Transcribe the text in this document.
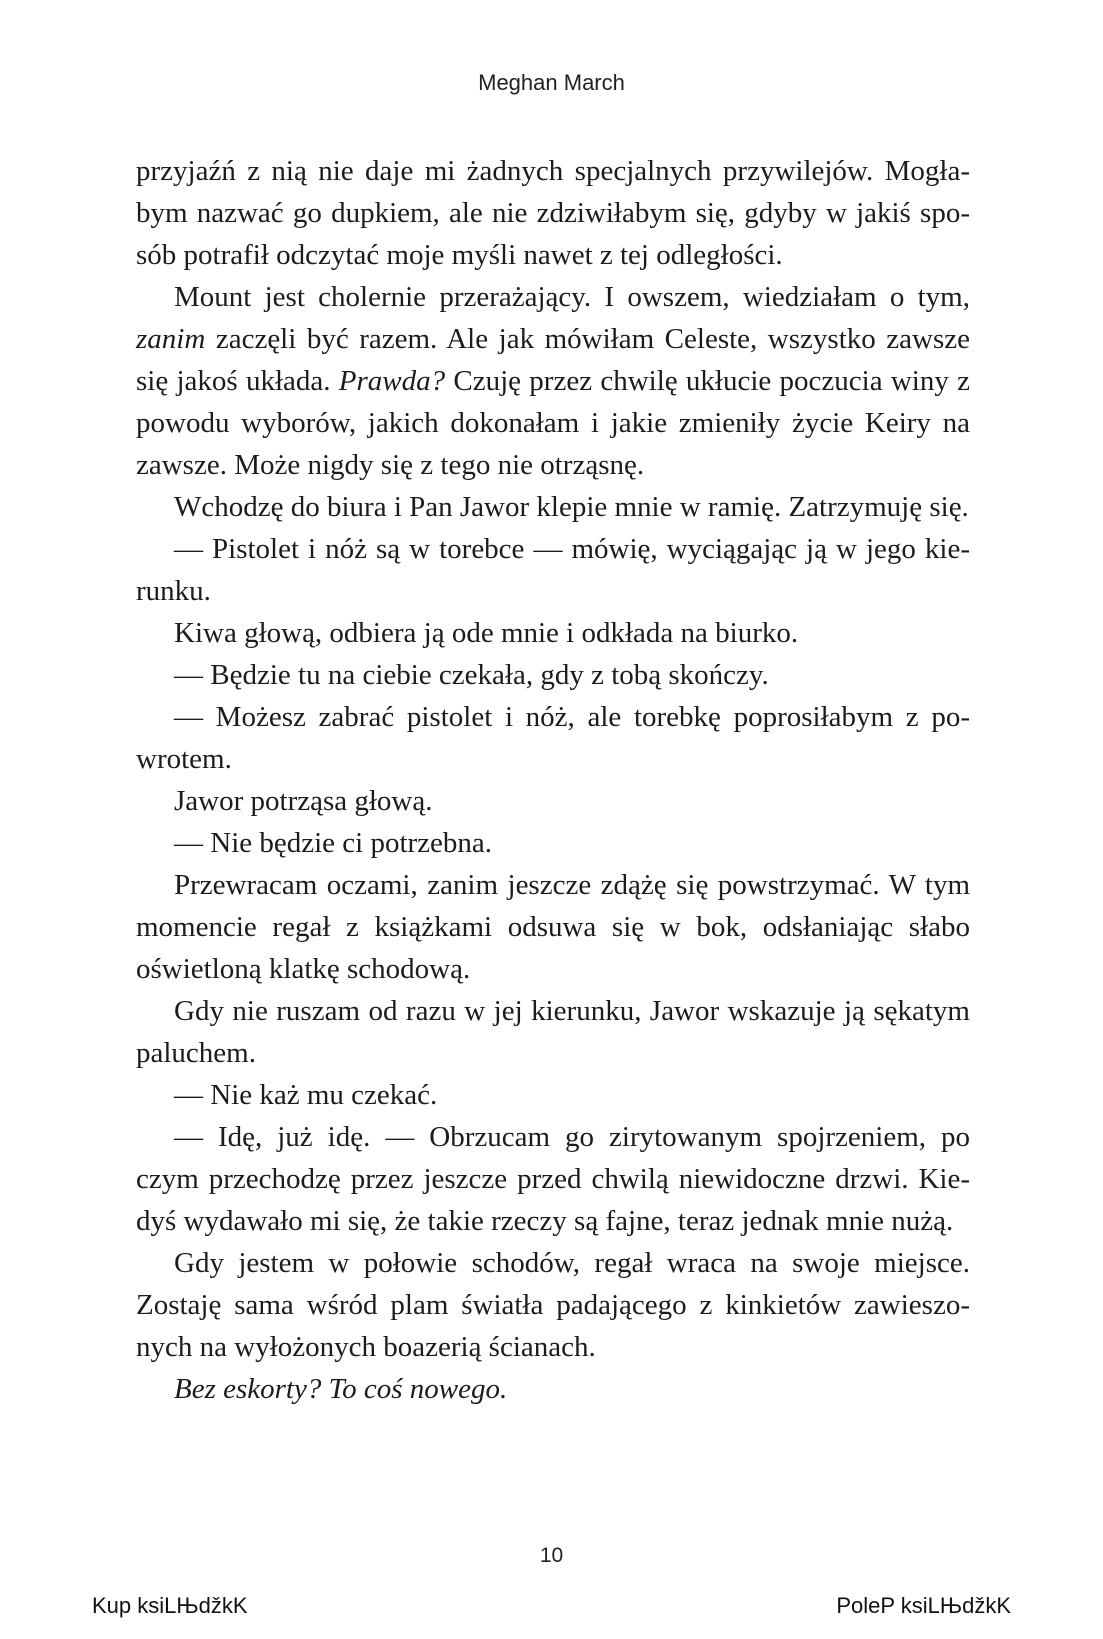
Meghan March

przyjaźń z nią nie daje mi żadnych specjalnych przywilejów. Mogłabym nazwać go dupkiem, ale nie zdziwiłabym się, gdyby w jakiś sposób potrafił odczytać moje myśli nawet z tej odległości.

Mount jest cholernie przerażający. I owszem, wiedziałam o tym, zanim zaczęli być razem. Ale jak mówiłam Celeste, wszystko zawsze się jakoś układa. Prawda? Czuję przez chwilę ukłucie poczucia winy z powodu wyborów, jakich dokonałam i jakie zmieniły życie Keiry na zawsze. Może nigdy się z tego nie otrząsnę.

Wchodzę do biura i Pan Jawor klepie mnie w ramię. Zatrzymuję się.

— Pistolet i nóż są w torebce — mówię, wyciągając ją w jego kierunku.

Kiwa głową, odbiera ją ode mnie i odkłada na biurko.

— Będzie tu na ciebie czekała, gdy z tobą skończy.

— Możesz zabrać pistolet i nóż, ale torebkę poprosiłabym z powrotem.

Jawor potrząsa głową.

— Nie będzie ci potrzebna.

Przewracam oczami, zanim jeszcze zdążę się powstrzymać. W tym momencie regał z książkami odsuwa się w bok, odsłaniając słabo oświetloną klatkę schodową.

Gdy nie ruszam od razu w jej kierunku, Jawor wskazuje ją sękatym paluchem.

— Nie każ mu czekać.

— Idę, już idę. — Obrzucam go zirytowanym spojrzeniem, po czym przechodzę przez jeszcze przed chwilą niewidoczne drzwi. Kiedyś wydawało mi się, że takie rzeczy są fajne, teraz jednak mnie nużą.

Gdy jestem w połowie schodów, regał wraca na swoje miejsce. Zostaję sama wśród plam światła padającego z kinkietów zawieszonych na wyłożonych boazerią ścianach.

Bez eskorty? To coś nowego.

10
Kup ksiLЊdžkK	PoleP ksiLЊdžkK
